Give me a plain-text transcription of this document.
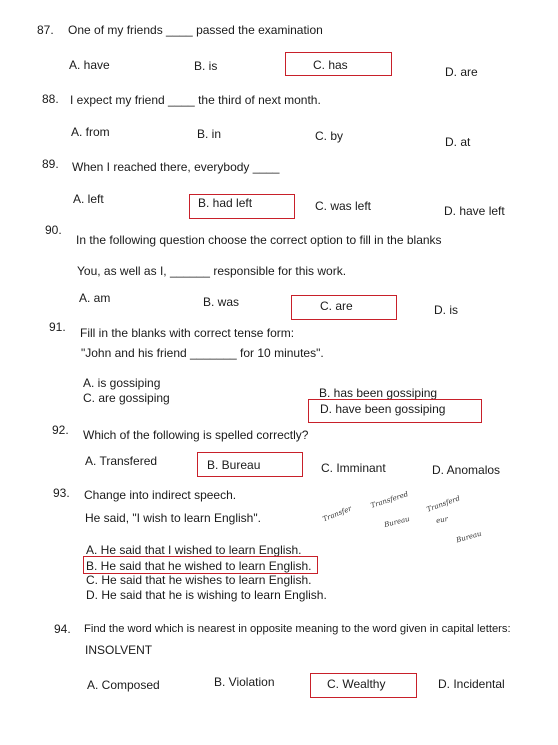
87. One of my friends ____ passed the examination
A. have	B. is	C. has	D. are
88. I expect my friend ____ the third of next month.
A. from	B. in	C. by	D. at
89. When I reached there, everybody ____
A. left	B. had left	C. was left	D. have left
90.
In the following question choose the correct option to fill in the blanks
You, as well as I, ______ responsible for this work.
A. am	B. was	C. are	D. is
91. Fill in the blanks with correct tense form:
"John and his friend _______ for 10 minutes".
A. is gossiping
C. are gossiping	B. has been gossiping
D. have been gossiping
92. Which of the following is spelled correctly?
A. Transfered	B. Bureau	C. Imminant	D. Anomalos
93. Change into indirect speech.
He said, "I wish to learn English".
A. He said that I wished to learn English.
B. He said that he wished to learn English.
C. He said that he wishes to learn English.
D. He said that he is wishing to learn English.
Transfer
Transfered
Bureau
Transferd
eur
Bureau
94. Find the word which is nearest in opposite meaning to the word given in capital letters:
INSOLVENT
A. Composed	B. Violation	C. Wealthy	D. Incidental
